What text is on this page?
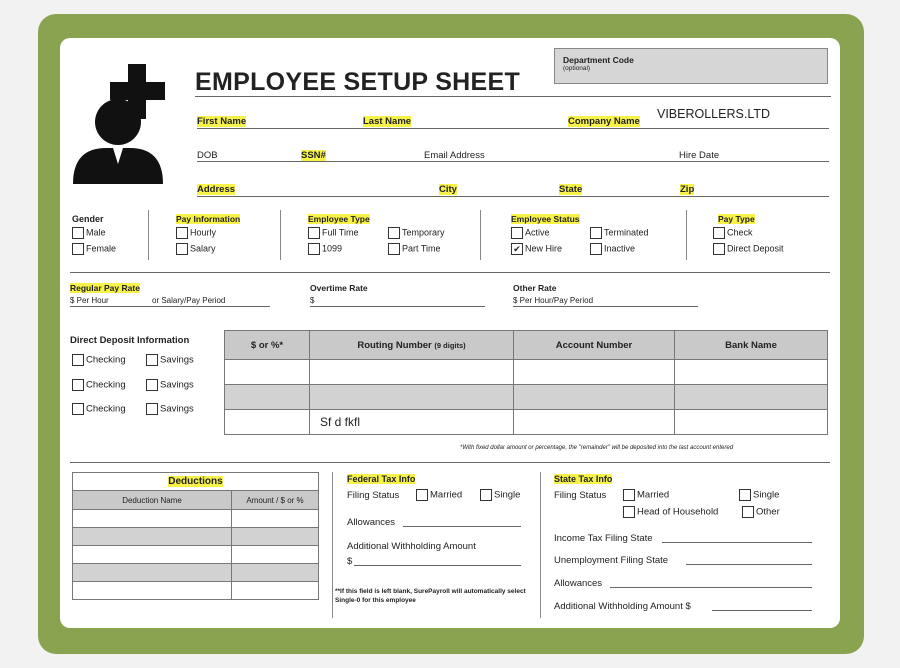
EMPLOYEE SETUP SHEET
Department Code
(optional)
First Name	Last Name	Company Name
VIBEROLLERS.LTD
DOB	SSN#	Email Address	Hire Date
Address	City	State	Zip
Gender
Male
Female
Pay Information
Hourly
Salary
Employee Type
Full Time	Temporary
1099	Part Time
Employee Status
Active	Terminated
✔ New Hire	Inactive
Pay Type
Check
Direct Deposit
Regular Pay Rate
$ Per Hour	or Salary/Pay Period
Overtime Rate
$
Other Rate
$ Per Hour/Pay Period
Direct Deposit Information
Checking	Savings
Checking	Savings
Checking	Savings
$ or %*	Routing Number (9 digits)	Account Number	Bank Name

	Sf d fkfl		
*With fixed dollar amount or percentage, the "remainder" will be deposited into the last account entered
Deductions	
Deduction Name	Amount / $ or %

Federal Tax Info
Filing Status	Married	Single
Allowances
Additional Withholding Amount
$
**If this field is left blank, SurePayroll will automatically select Single-0 for this employee
State Tax Info
Filing Status	Married	Single
Head of Household	Other
Income Tax Filing State
Unemployment Filing State
Allowances
Additional Withholding Amount $
